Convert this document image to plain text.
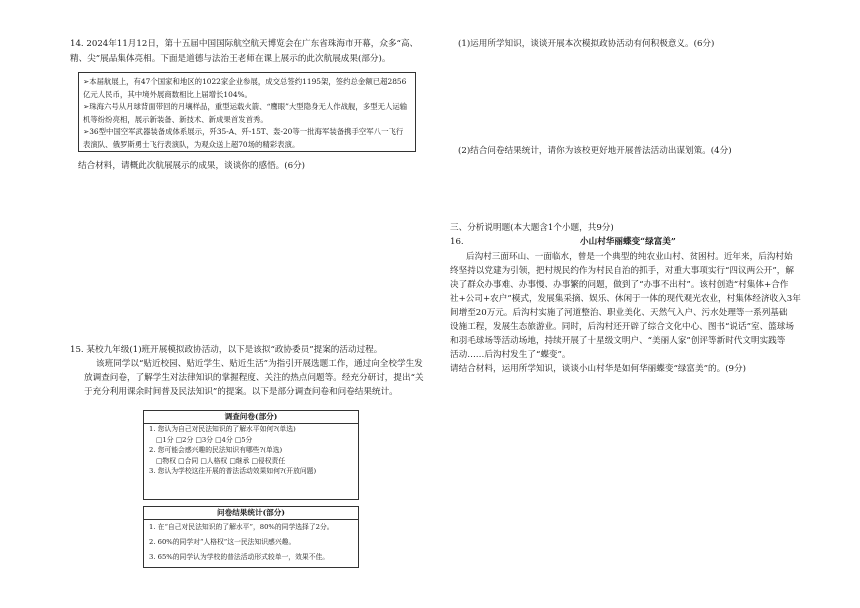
14. 2024年11月12日，第十五届中国国际航空航天博览会在广东省珠海市开幕，众多“高、
精、尖”展品集体亮相。下面是道德与法治王老师在课上展示的此次航展成果(部分)。
➢本届航展上，有47个国家和地区的1022家企业参展，成交总签约1195架，签约总金额已超2856
亿元人民币，其中境外展商数相比上届增长104%。
➢珠海六号从月球背面带回的月壤样品，重型运载火箭、“鹰眼”大型隐身无人作战舰，多型无人运输
机等纷纷亮相，展示新装备、新技术、新成果首发首秀。
➢36型中国空军武器装备成体系展示，歼35-A、歼-15T、轰-20等一批海军装备携手空军八一飞行
表演队、俄罗斯勇士飞行表演队，为观众送上超70场的精彩表演。
结合材料，请概此次航展展示的成果，谈谈你的感悟。(6分)
15. 某校九年级(1)班开展模拟政协活动，以下是该拟“政协委员”提案的活动过程。
该班同学以“贴近校园、贴近学生、贴近生活”为指引开展选题工作，通过向全校学生发
放调查问卷，了解学生对法律知识的掌握程度、关注的热点问题等。经充分研讨，提出“关
于充分利用课余时间普及民法知识”的提案。以下是部分调查问卷和问卷结果统计。
调查问卷(部分)
1. 您认为自己对民法知识的了解水平如何?(单选)
□1分 □2分 □3分 □4分 □5分
2. 您可能会感兴趣的民法知识有哪些?(单选)
□物权 □合同 □人格权 □继承 □侵权责任
3. 您认为学校这往开展的普法活动效果如何?(开放问题)
问卷结果统计(部分)
1. 在“自己对民法知识的了解水平”，80%的同学选择了2分。
2. 60%的同学对“人格权”这一民法知识感兴趣。
3. 65%的同学认为学校的普法活动形式较单一，效果不佳。
(1)运用所学知识，谈谈开展本次模拟政协活动有何积极意义。(6分)
(2)结合问卷结果统计，请你为该校更好地开展普法活动出谋划策。(4分)
三、分析说明题(本大题含1个小题，共9分)
16.	小山村华丽蝶变“绿富美”
后沟村三面环山、一面临水，曾是一个典型的纯农业山村、贫困村。近年来，后沟村始
终坚持以党建为引领，把村规民约作为村民自治的抓手，对重大事项实行“四议两公开”，解
决了群众办事难、办事慢、办事繁的问题，做到了“办事不出村”。该村创造“村集体+合作
社+公司+农户”模式，发展集采摘、娱乐、休闲于一体的现代观光农业，村集体经济收入3年
间增至20万元。后沟村实施了河道整治、职业美化、天然气入户、污水处理等一系列基础
设施工程，发展生态旅游业。同时，后沟村还开辟了综合文化中心、图书“说话”室、篮球场
和羽毛球场等活动场地，持续开展了十星级文明户、“美丽人家”创评等新时代文明实践等
活动……后沟村发生了“蝶变”。
请结合材料，运用所学知识，谈谈小山村华是如何华丽蝶变“绿富美”的。(9分)
